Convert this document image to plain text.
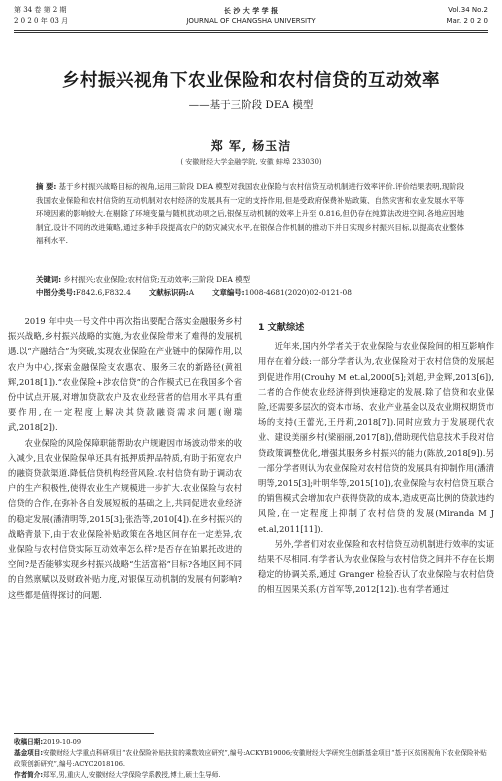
第 34 卷 第 2 期
2 0 2 0 年 03 月
长 沙 大 学 学 报
JOURNAL OF CHANGSHA UNIVERSITY
Vol.34 No.2
Mar. 2 0 2 0
乡村振兴视角下农业保险和农村信贷的互动效率
——基于三阶段 DEA 模型
郑 军, 杨玉洁
( 安徽财经大学金融学院, 安徽 蚌埠 233030)
摘 要: 基于乡村振兴战略目标的视角,运用三阶段 DEA 模型对我国农业保险与农村信贷互动机制进行效率评价.评价结果表明,现阶段我国农业保险和农村信贷的互动机制对农村经济的发展具有一定的支持作用,但是受政府保费补贴政策、自然灾害和农业发展水平等环境因素的影响较大.在剔除了环境变量与随机扰动项之后,银保互动机制的效率上升至 0.816,但仍存在纯算法改进空间.各地应因地制宜,设计不同的改进策略,通过多种手段提高农户的防灾减灾水平,在银保合作机制的推动下并日实现乡村振兴目标,以提高农业整体福利水平.
关键词: 乡村振兴;农业保险;农村信贷;互动效率;三阶段 DEA 模型
中图分类号:F842.6,F832.4 文献标识码:A 文章编号:1008-4681(2020)02-0121-08

2019 年中央一号文件中再次指出要配合落实金融服务乡村振兴战略,乡村振兴战略的实施,为农业保险带来了难得的发展机遇.以“产融结合”为突破,实现农业保险在产业链中的保障作用,以农户为中心,探索金融保险支农惠农、服务三农的新路径(黄祖辉,2018[1]).“农业保险+涉农信贷”的合作模式已在我国多个省份中试点开展,对增加贷款农户及农业经营者的信用水平具有重要作用,在一定程度上解决其贷款融资需求问题(谢瑞武,2018[2]).

农业保险的风险保障职能帮助农户规避因市场波动带来的收入减少,且农业保险保单还具有抵押质押品特质,有助于拓宽农户的融资贷款渠道.降低信贷机构经营风险.农村信贷有助于调动农户的生产积极性,使得农业生产规模进一步扩大.农业保险与农村信贷的合作,在弥补各自发展短板的基础之上,共同促进农业经济的稳定发展(潘清明等,2015[3];张浩等,2010[4]).在乡村振兴的战略背景下,由于农业保险补贴政策在各地区间存在一定差异,农业保险与农村信贷实际互动效率怎么样?是否存在铂累托改进的空间?是否能够实现乡村振兴战略“生活富裕”目标?各地区间不同的自然禀赋以及财政补贴力度,对银保互动机制的发展有何影响?这些都是值得探讨的问题.

1 文献综述

近年来,国内外学者关于农业保险与农业保险间的相互影响作用存在着分歧:一部分学者认为,农业保险对于农村信贷的发展起到促进作用(Crouhy M et.al,2000[5];刘超,尹金辉,2013[6]),二者的合作使农业经济得到快速稳定的发展.除了信贷和农业保险,还需要多层次的资本市场、农业产业基金以及农业期权期货市场的支持(王蕾光,王丹莉,2018[7]).同时应致力于发展现代农业、建设美丽乡村(梁丽丽,2017[8]),借助现代信息技术手段对信贷政策调整优化,增强其服务乡村振兴的能力(陈放,2018[9]).另一部分学者则认为农业保险对农村信贷的发展具有抑制作用(潘清明等,2015[3];叶明华等,2015[10]),农业保险与农村信贷互联合的销售模式会增加农户获得贷款的成本,造成更高比例的贷款违约风险,在一定程度上抑制了农村信贷的发展(Miranda M J et.al,2011[11]).

另外,学者们对农业保险和农村信贷互动机制进行效率的实证结果不尽相同.有学者认为农业保险与农村信贷之间并不存在长期稳定的协调关系,通过 Granger 检验否认了农业保险与农村信贷的相互因果关系(方首军等,2012[12]).也有学者通过

收稿日期:2019-10-09
基金项目:安徽财经大学重点科研项目“农业保险补贴扶贫的乘数效应研究”,编号:ACKYB19006;安徽财经大学研究生创新基金项目“基于区贫困视角下农业保险补贴政策创新研究”,编号:ACYC2018106.
作者简介:郑军,男,重庆人,安徽财经大学保险学系教授,博士,硕士生导师.
